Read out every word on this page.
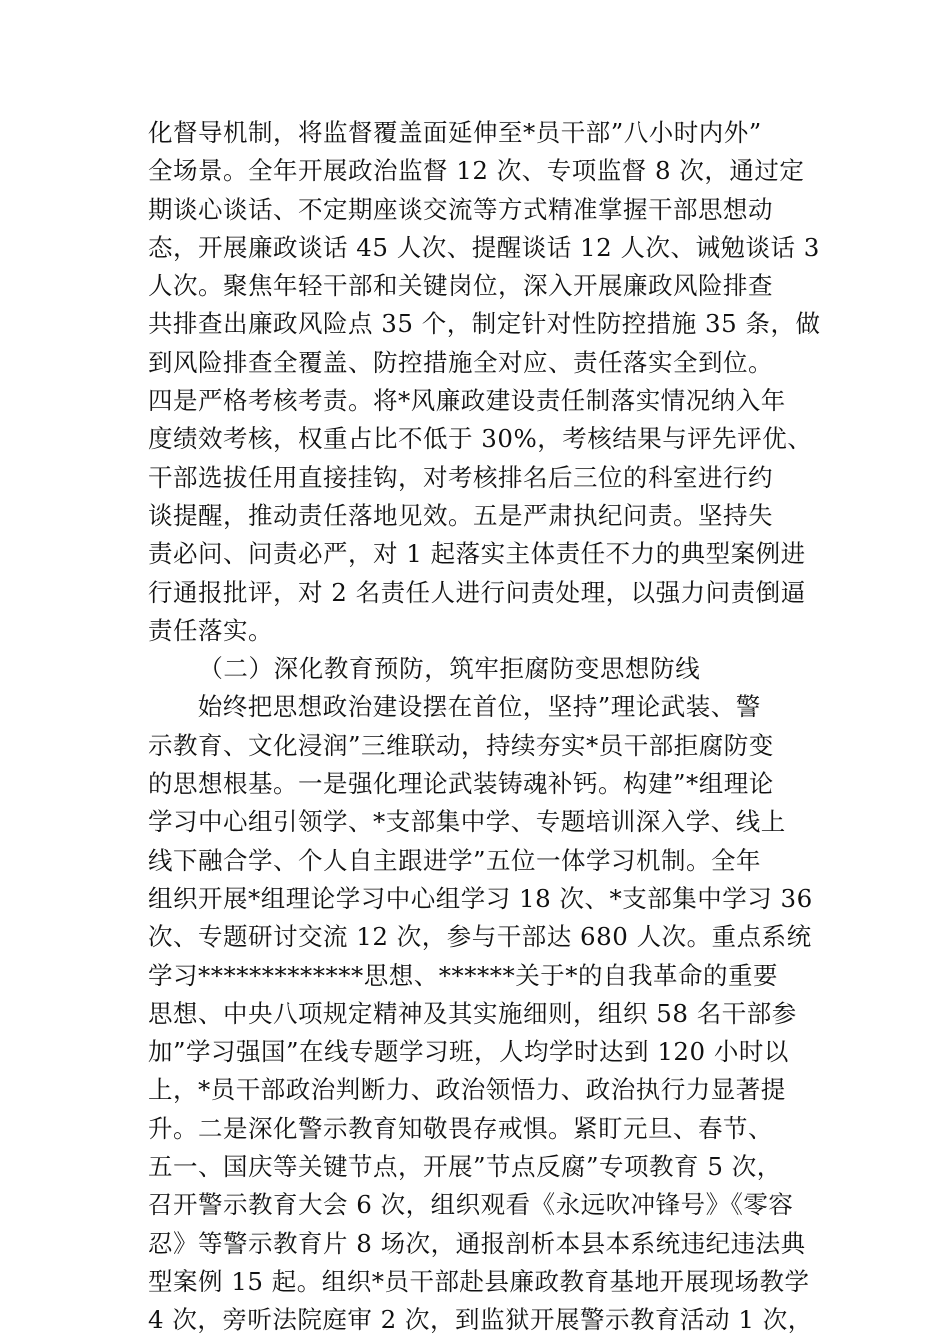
化督导机制，将监督覆盖面延伸至*员干部”八小时内外”
全场景。全年开展政治监督 12 次、专项监督 8 次，通过定
期谈心谈话、不定期座谈交流等方式精准掌握干部思想动
态，开展廉政谈话 45 人次、提醒谈话 12 人次、诫勉谈话 3
人次。聚焦年轻干部和关键岗位，深入开展廉政风险排查
共排查出廉政风险点 35 个，制定针对性防控措施 35 条，做
到风险排查全覆盖、防控措施全对应、责任落实全到位。
四是严格考核考责。将*风廉政建设责任制落实情况纳入年
度绩效考核，权重占比不低于 30%，考核结果与评先评优、
干部选拔任用直接挂钩，对考核排名后三位的科室进行约
谈提醒，推动责任落地见效。五是严肃执纪问责。坚持失
责必问、问责必严，对 1 起落实主体责任不力的典型案例进
行通报批评，对 2 名责任人进行问责处理，以强力问责倒逼
责任落实。
（二）深化教育预防，筑牢拒腐防变思想防线
始终把思想政治建设摆在首位，坚持”理论武装、警
示教育、文化浸润”三维联动，持续夯实*员干部拒腐防变
的思想根基。一是强化理论武装铸魂补钙。构建”*组理论
学习中心组引领学、*支部集中学、专题培训深入学、线上
线下融合学、个人自主跟进学”五位一体学习机制。全年
组织开展*组理论学习中心组学习 18 次、*支部集中学习 36
次、专题研讨交流 12 次，参与干部达 680 人次。重点系统
学习*************思想、******关于*的自我革命的重要
思想、中央八项规定精神及其实施细则，组织 58 名干部参
加”学习强国”在线专题学习班，人均学时达到 120 小时以
上，*员干部政治判断力、政治领悟力、政治执行力显著提
升。二是深化警示教育知敬畏存戒惧。紧盯元旦、春节、
五一、国庆等关键节点，开展”节点反腐”专项教育 5 次，
召开警示教育大会 6 次，组织观看《永远吹冲锋号》《零容
忍》等警示教育片 8 场次，通报剖析本县本系统违纪违法典
型案例 15 起。组织*员干部赴县廉政教育基地开展现场教学
4 次，旁听法院庭审 2 次，到监狱开展警示教育活动 1 次，
